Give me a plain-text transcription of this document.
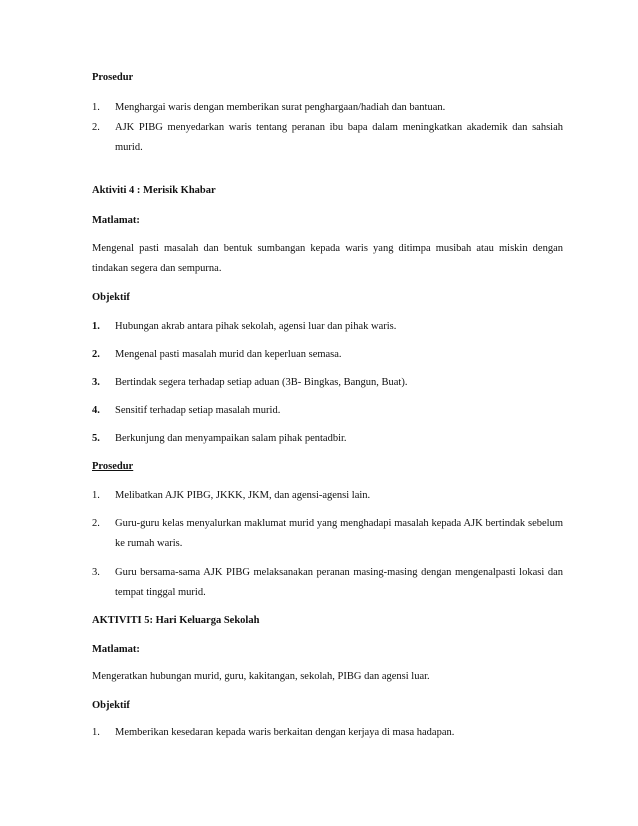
Prosedur
1. Menghargai waris dengan memberikan surat penghargaan/hadiah dan bantuan.
2. AJK PIBG menyedarkan waris tentang peranan ibu bapa dalam meningkatkan akademik dan sahsiah
murid.
Aktiviti 4 : Merisik Khabar
Matlamat:
Mengenal pasti masalah dan bentuk sumbangan kepada waris yang ditimpa musibah atau miskin dengan
tindakan segera dan sempurna.
Objektif
1. Hubungan akrab antara pihak sekolah, agensi luar dan pihak waris.
2. Mengenal pasti masalah murid dan keperluan semasa.
3. Bertindak segera terhadap setiap aduan (3B- Bingkas, Bangun, Buat).
4. Sensitif terhadap setiap masalah murid.
5. Berkunjung dan menyampaikan salam pihak pentadbir.
Prosedur
1. Melibatkan AJK PIBG, JKKK, JKM, dan agensi-agensi lain.
2. Guru-guru kelas menyalurkan maklumat murid yang menghadapi masalah kepada AJK bertindak sebelum
ke rumah waris.
3. Guru bersama-sama AJK PIBG melaksanakan peranan masing-masing dengan mengenalpasti lokasi dan
tempat tinggal murid.
AKTIVITI 5: Hari Keluarga Sekolah
Matlamat:
Mengeratkan hubungan murid, guru, kakitangan, sekolah, PIBG dan agensi luar.
Objektif
1. Memberikan kesedaran kepada waris berkaitan dengan kerjaya di masa hadapan.
